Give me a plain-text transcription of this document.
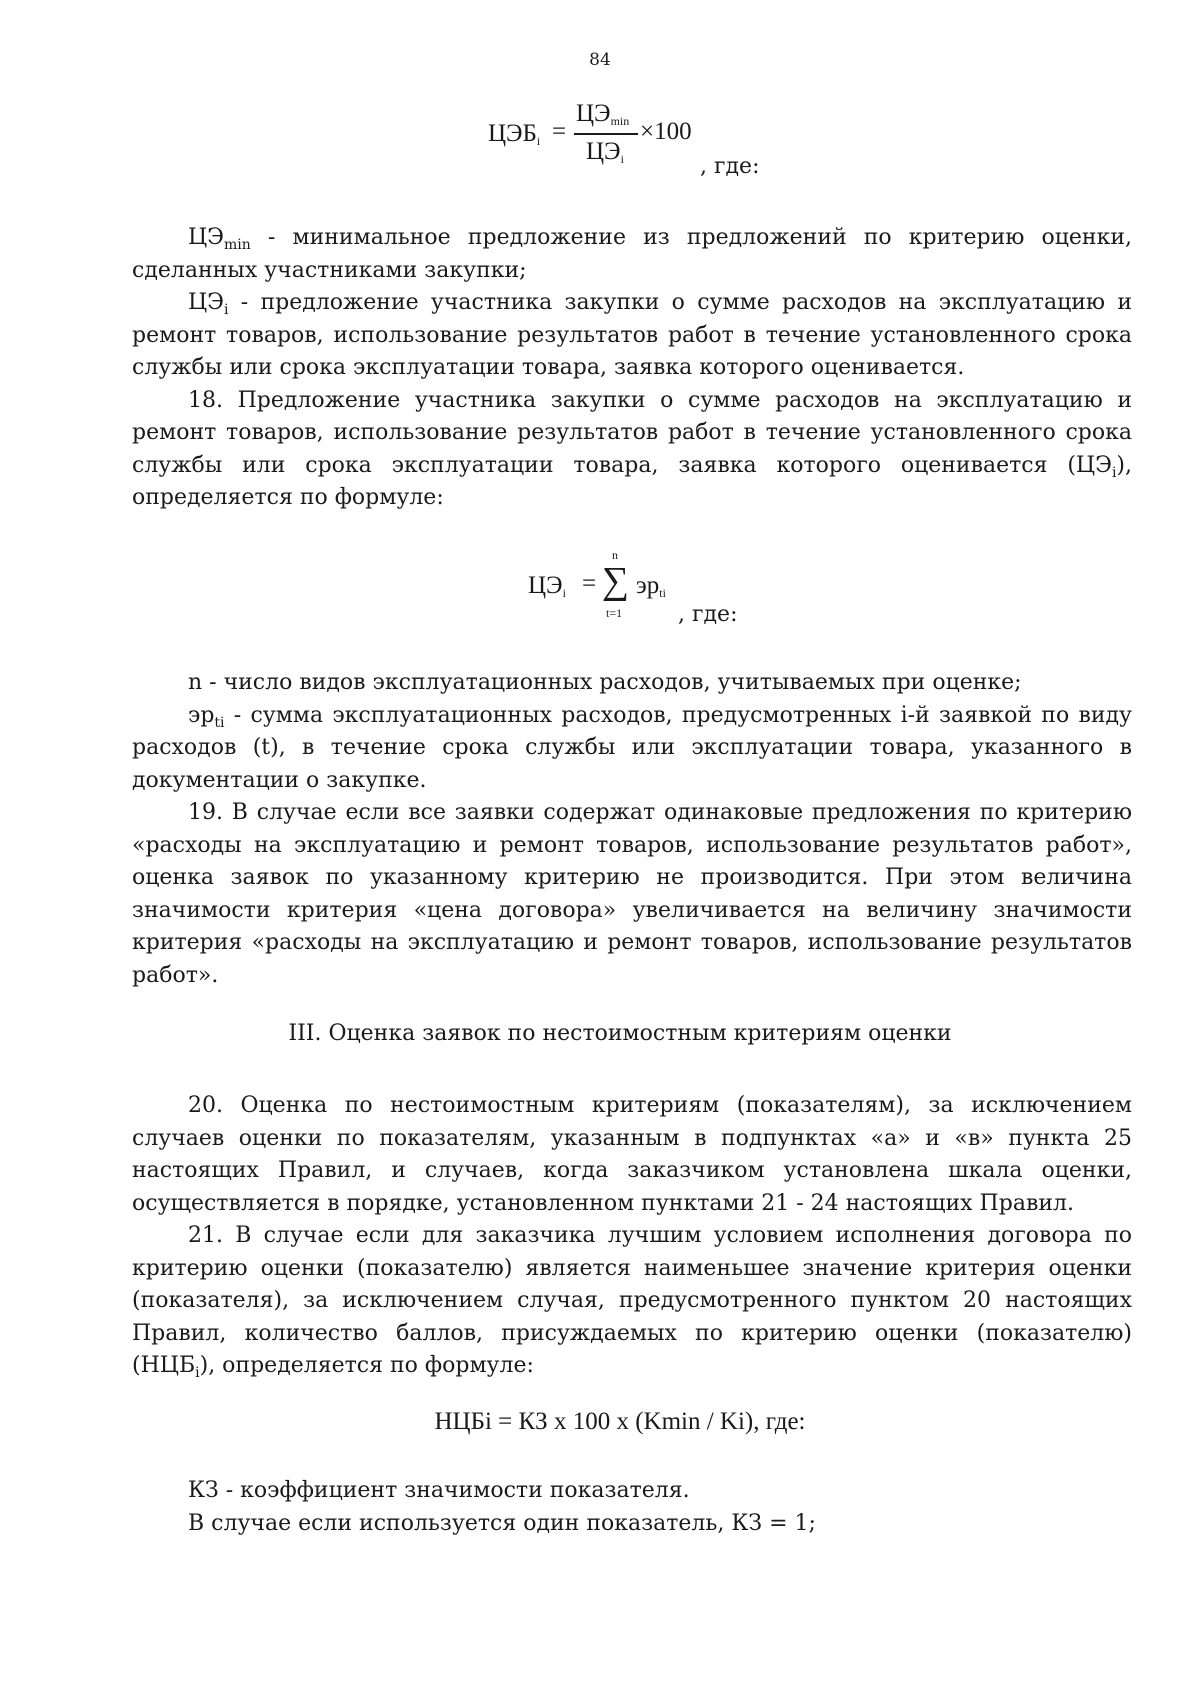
84
$ЦЭБ_i$ =
$ЦЭ_{min}$
$ЦЭ_i$
×100
, где:

$ЦЭ_{min}$ - минимальное предложение из предложений по критерию оценки, сделанных участниками закупки;

$ЦЭ_i$ - предложение участника закупки о сумме расходов на эксплуатацию и ремонт товаров, использование результатов работ в течение установленного срока службы или срока эксплуатации товара, заявка которого оценивается.

18. Предложение участника закупки о сумме расходов на эксплуатацию и ремонт товаров, использование результатов работ в течение установленного срока службы или срока эксплуатации товара, заявка которого оценивается $(ЦЭ_i)$, определяется по формуле:

$ЦЭ_i$ = ∑
n
t=1
$эр_{ti}$
, где:

n - число видов эксплуатационных расходов, учитываемых при оценке;

$эр_{ti}$ - сумма эксплуатационных расходов, предусмотренных i-й заявкой по виду расходов (t), в течение срока службы или эксплуатации товара, указанного в документации о закупке.

19. В случае если все заявки содержат одинаковые предложения по критерию «расходы на эксплуатацию и ремонт товаров, использование результатов работ», оценка заявок по указанному критерию не производится. При этом величина значимости критерия «цена договора» увеличивается на величину значимости критерия «расходы на эксплуатацию и ремонт товаров, использование результатов работ».

III. Оценка заявок по нестоимостным критериям оценки

20. Оценка по нестоимостным критериям (показателям), за исключением случаев оценки по показателям, указанным в подпунктах «а» и «в» пункта 25 настоящих Правил, и случаев, когда заказчиком установлена шкала оценки, осуществляется в порядке, установленном пунктами 21 - 24 настоящих Правил.

21. В случае если для заказчика лучшим условием исполнения договора по критерию оценки (показателю) является наименьшее значение критерия оценки (показателя), за исключением случая, предусмотренного пунктом 20 настоящих Правил, количество баллов, присуждаемых по критерию оценки (показателю) $(НЦБ_i)$, определяется по формуле:

НЦБi = КЗ х 100 х (Kmin / Ki), где:

КЗ - коэффициент значимости показателя.

В случае если используется один показатель, КЗ = 1;
